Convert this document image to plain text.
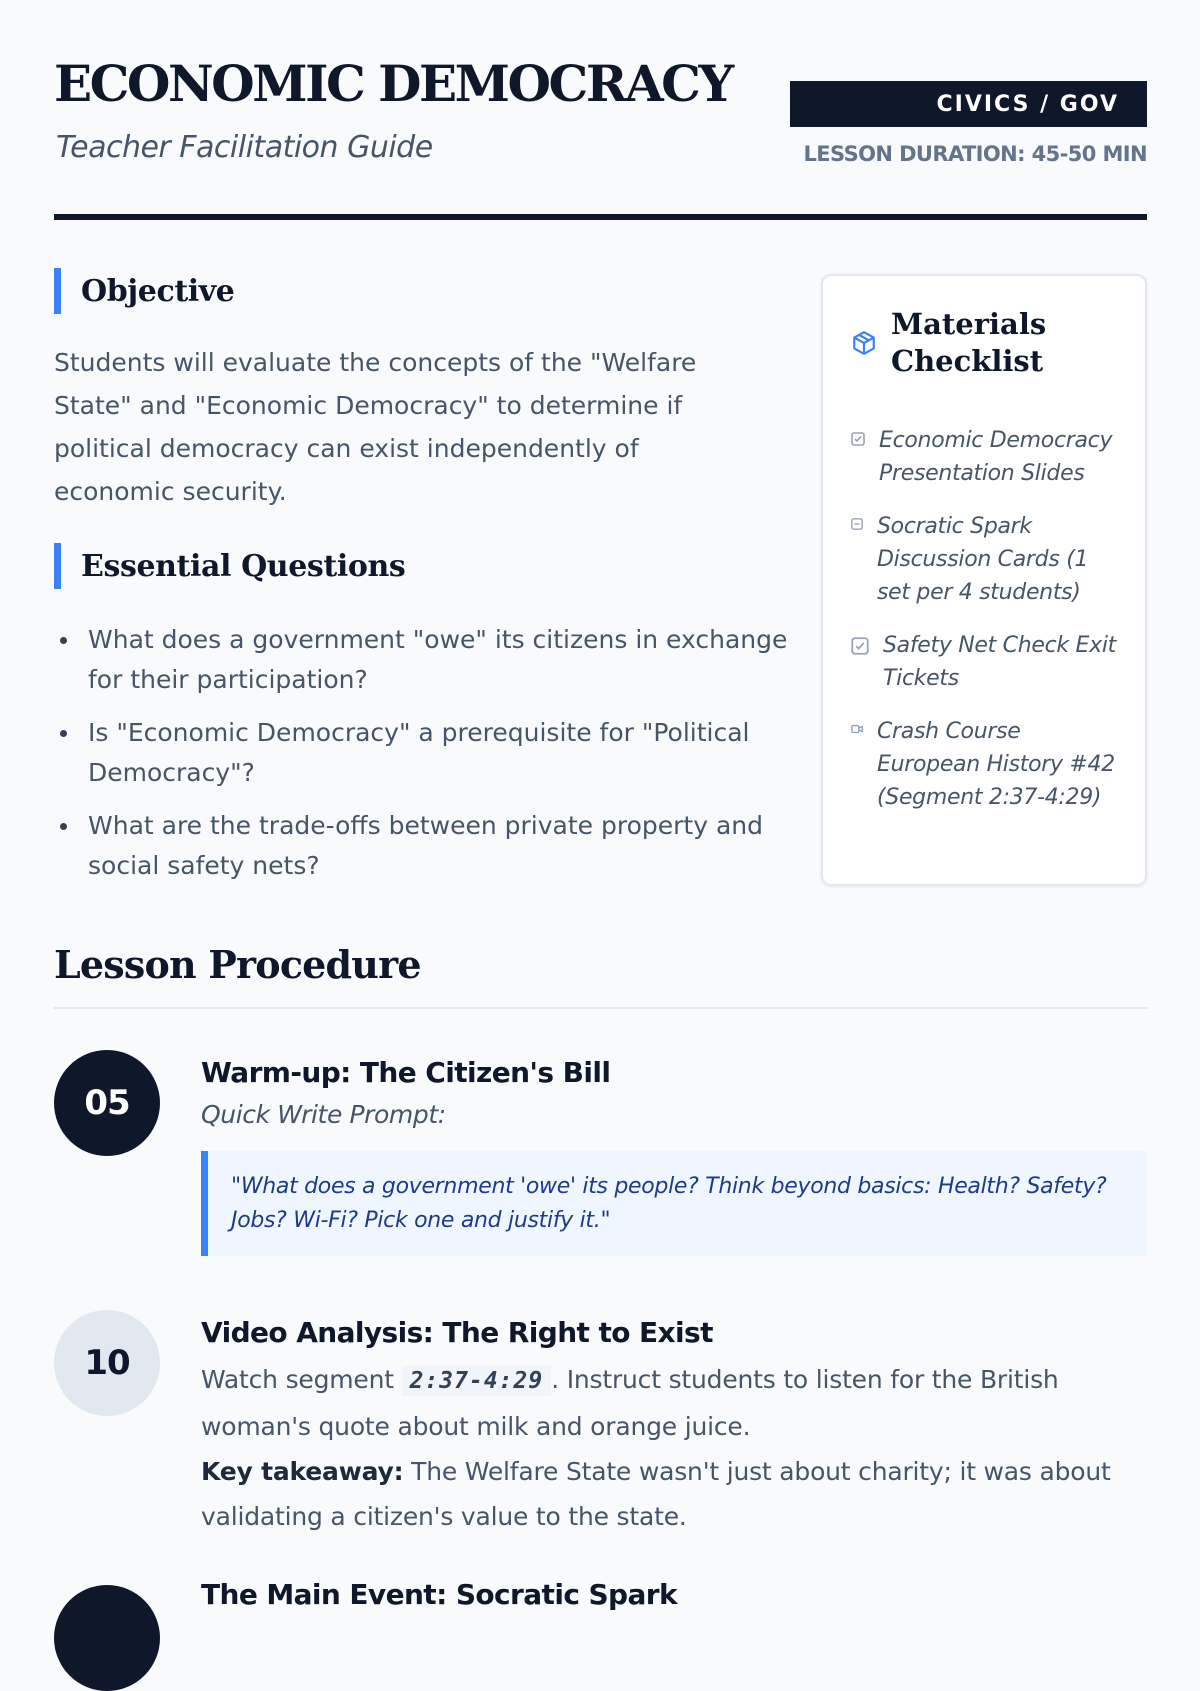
ECONOMIC DEMOCRACY
Teacher Facilitation Guide
CIVICS / GOV
LESSON DURATION: 45-50 MIN
Objective

Students will evaluate the concepts of the "Welfare State" and "Economic Democracy" to determine if political democracy can exist independently of economic security.

Essential Questions
What does a government "owe" its citizens in exchange for their participation?
Is "Economic Democracy" a prerequisite for "Political Democracy"?
What are the trade-offs between private property and social safety nets?
Materials Checklist
Economic Democracy Presentation Slides
Socratic Spark Discussion Cards (1 set per 4 students)
Safety Net Check Exit Tickets
Crash Course European History #42 (Segment 2:37-4:29)
Lesson Procedure
05
Warm-up: The Citizen's Bill
Quick Write Prompt:
"What does a government 'owe' its people? Think beyond basics: Health? Safety? Jobs? Wi-Fi? Pick one and justify it."
10
Video Analysis: The Right to Exist
Watch segment 2:37-4:29 . Instruct students to listen for the British woman's quote about milk and orange juice.
Key takeaway: The Welfare State wasn't just about charity; it was about validating a citizen's value to the state.
The Main Event: Socratic Spark
